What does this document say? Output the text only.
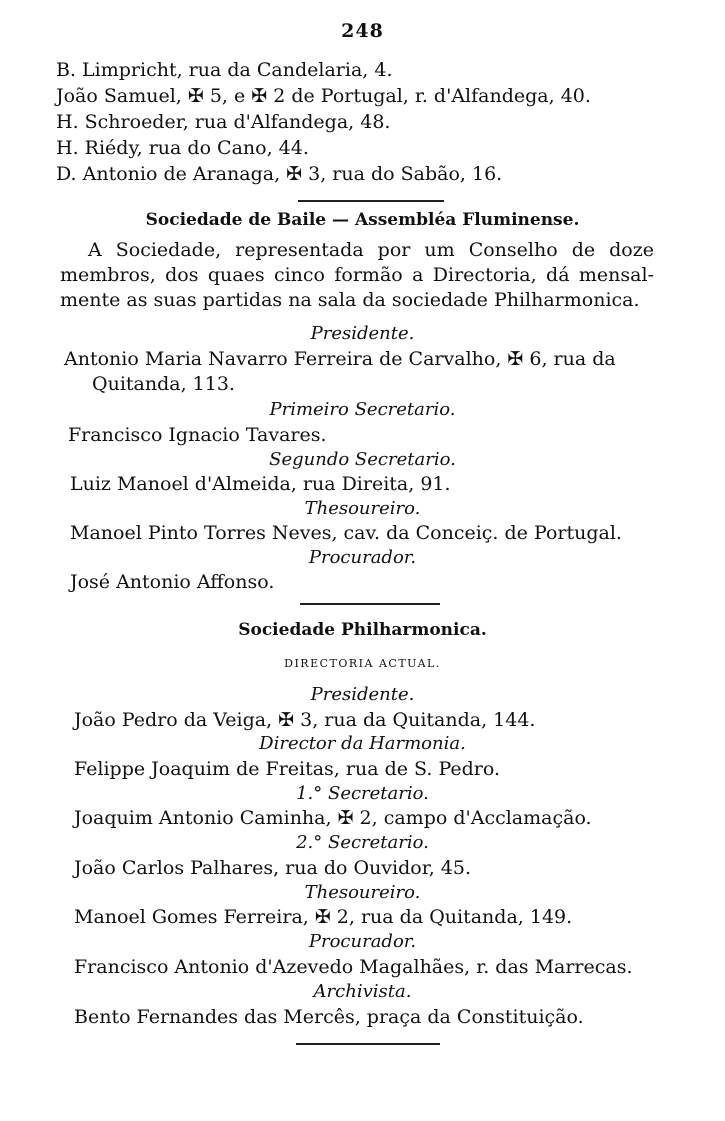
248
B. Limpricht, rua da Candelaria, 4.
João Samuel, ✠ 5, e ✠ 2 de Portugal, r. d'Alfandega, 40.
H. Schroeder, rua d'Alfandega, 48.
H. Riédy, rua do Cano, 44.
D. Antonio de Aranaga, ✠ 3, rua do Sabão, 16.
Sociedade de Baile — Assembléa Fluminense.
A Sociedade, representada por um Conselho de doze
membros, dos quaes cinco formão a Directoria, dá mensal-
mente as suas partidas na sala da sociedade Philharmonica.
Presidente.
Antonio Maria Navarro Ferreira de Carvalho, ✠ 6, rua da
Quitanda, 113.
Primeiro Secretario.
Francisco Ignacio Tavares.
Segundo Secretario.
Luiz Manoel d'Almeida, rua Direita, 91.
Thesoureiro.
Manoel Pinto Torres Neves, cav. da Conceiç. de Portugal.
Procurador.
José Antonio Affonso.
Sociedade Philharmonica.
DIRECTORIA ACTUAL.
Presidente.
João Pedro da Veiga, ✠ 3, rua da Quitanda, 144.
Director da Harmonia.
Felippe Joaquim de Freitas, rua de S. Pedro.
1.° Secretario.
Joaquim Antonio Caminha, ✠ 2, campo d'Acclamação.
2.° Secretario.
João Carlos Palhares, rua do Ouvidor, 45.
Thesoureiro.
Manoel Gomes Ferreira, ✠ 2, rua da Quitanda, 149.
Procurador.
Francisco Antonio d'Azevedo Magalhães, r. das Marrecas.
Archivista.
Bento Fernandes das Mercês, praça da Constituição.
